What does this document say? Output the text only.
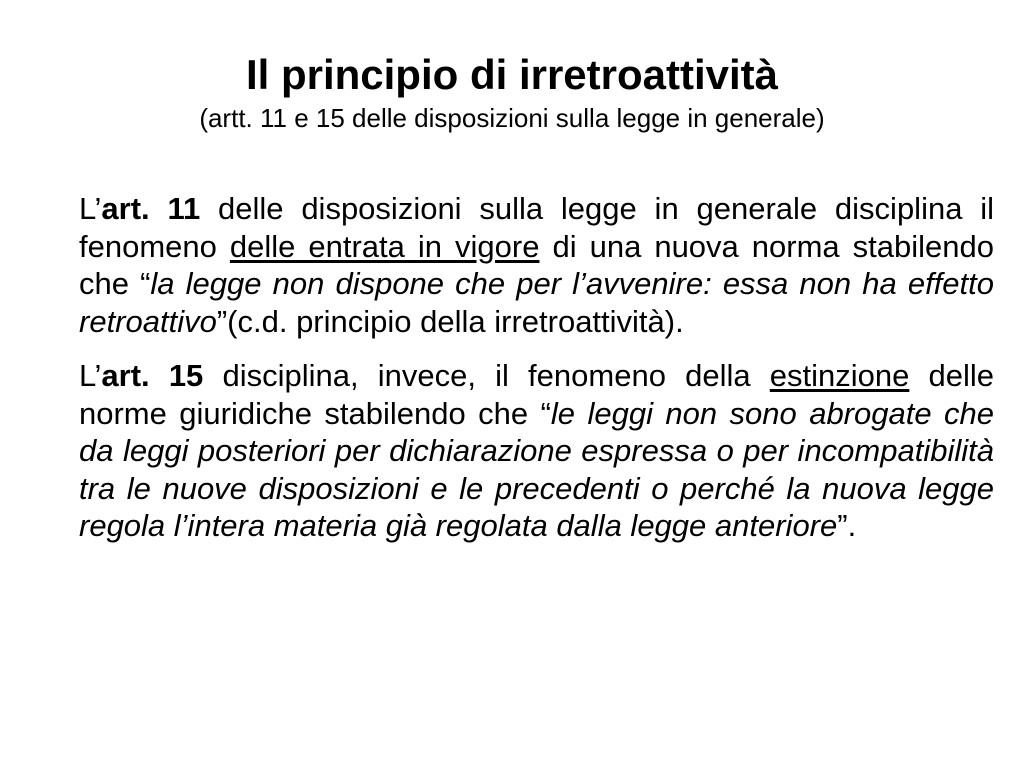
Il principio di irretroattività

(artt. 11 e 15 delle disposizioni sulla legge in generale)

L’art. 11 delle disposizioni sulla legge in generale disciplina il fenomeno delle entrata in vigore di una nuova norma stabilendo che “la legge non dispone che per l’avvenire: essa non ha effetto retroattivo”(c.d. principio della irretroattività).

L’art. 15 disciplina, invece, il fenomeno della estinzione delle norme giuridiche stabilendo che “le leggi non sono abrogate che da leggi posteriori per dichiarazione espressa o per incompatibilità tra le nuove disposizioni e le precedenti o perché la nuova legge regola l’intera materia già regolata dalla legge anteriore”.
